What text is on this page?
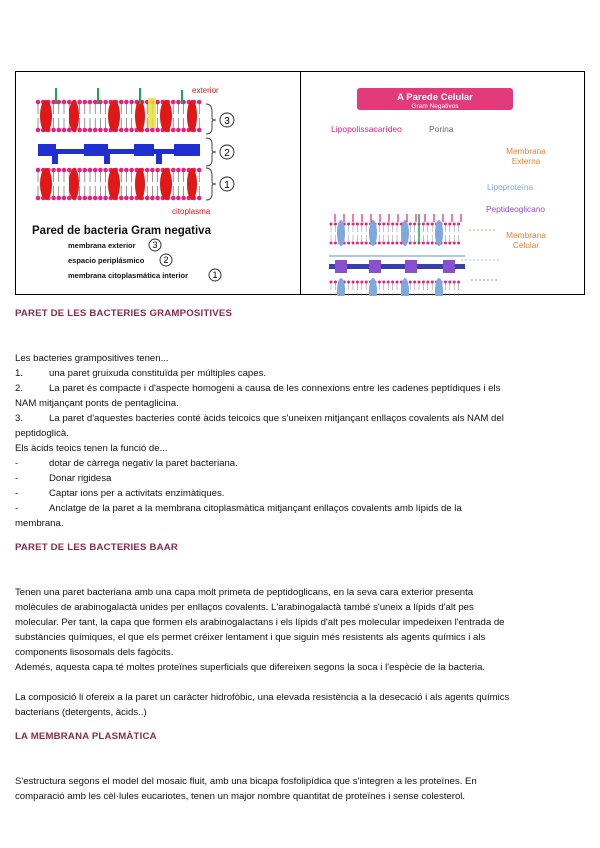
exterior
citoplasma
3
2
1
Pared de bacteria Gram negativa
membrana exterior 3
espacio periplásmico 2
membrana citoplasmática interior	1
A Parede Celular
Gram Negativos
Lipopolissacarídeo	Porina
Membrana
Externa
Lipoproteína
Peptideoglicano
Membrana
Celular
PARET DE LES BACTERIES GRAMPOSITIVES

Les bacteries grampositives tenen...

1.	una paret gruixuda constituïda per múltiples capes.
2.	La paret és compacte i d'aspecte homogeni a causa de les connexions entre les cadenes peptídiques i els
NAM mitjançant ponts de pentaglicina.
3.	La paret d'aquestes bacteries conté àcids teicoics que s'uneixen mitjançant enllaços covalents als NAM del
peptidoglicà.

Els àcids teoics tenen la funció de...

-	dotar de càrrega negativ la paret bacteriana.
-	Donar rigidesa
-	Captar ions per a activitats enzimàtiques.
-	Anclatge de la paret a la membrana citoplasmàtica mitjançant enllaços covalents amb lípids de la
membrana.
PARET DE LES BACTERIES BAAR

Tenen una paret bacteriana amb una capa molt primeta de peptidoglicans, en la seva cara exterior presenta

molècules de arabinogalactà unides per enllaços covalents. L'arabinogalactà també s'uneix a lípids d'alt pes

molecular. Per tant, la capa que formen els arabinogalactans i els lípids d'alt pes molecular impedeixen l'entrada de

substàncies químiques, el que els permet créixer lentament i que siguin més resistents als agents químics i als

components lisosomals dels fagòcits.

Ademés, aquesta capa té moltes proteïnes superficials que difereixen segons la soca i l'espècie de la bacteria.

La composició li ofereix a la paret un caràcter hidrofòbic, una elevada resistència a la desecació i als agents químics

bacterians (detergents, àcids..)

LA MEMBRANA PLASMÀTICA

S'estructura segons el model del mosaic fluit, amb una bicapa fosfolipídica que s'integren a les proteïnes. En

comparació amb les cèl·lules eucariotes, tenen un major nombre quantitat de proteïnes i sense colesterol.
